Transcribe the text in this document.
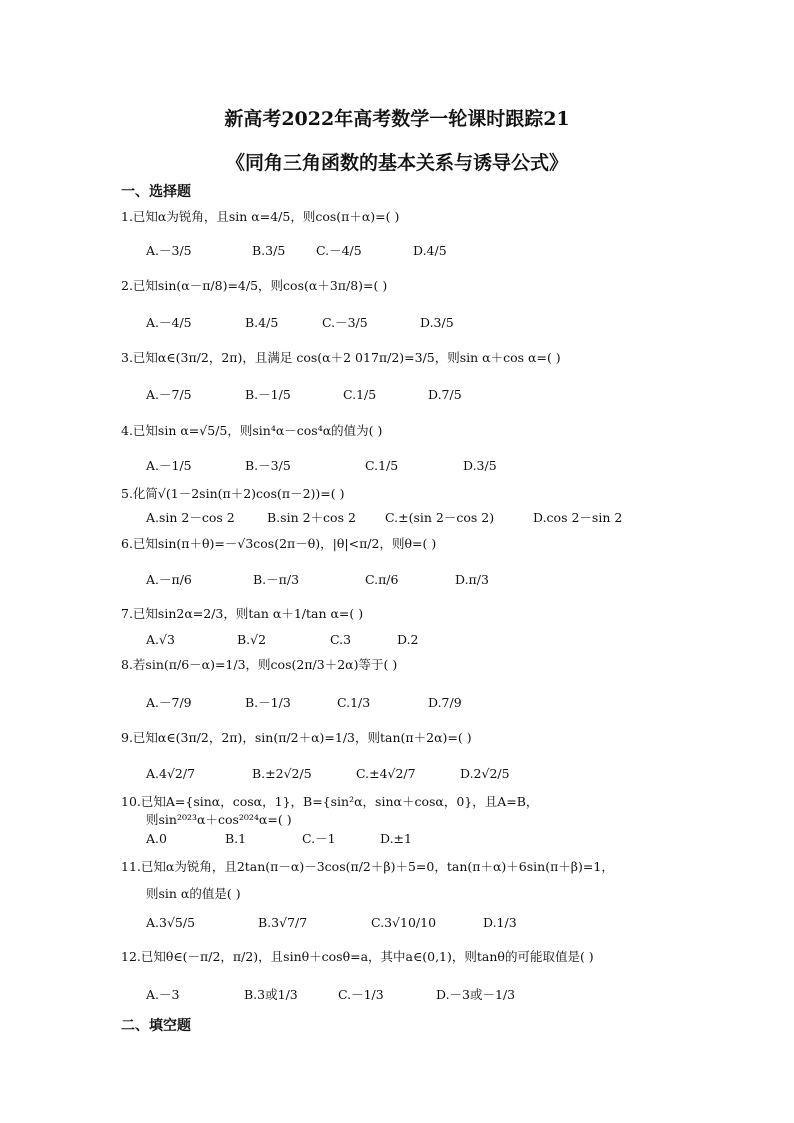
新高考2022年高考数学一轮课时跟踪21
《同角三角函数的基本关系与诱导公式》
一、选择题
1.已知α为锐角，且sin α=4/5，则cos(π＋α)=( )
A.－3/5	B.3/5 C.－4/5	D.4/5
2.已知sin(α－π/8)=4/5，则cos(α＋3π/8)=( )
A.－4/5	B.4/5	C.－3/5	D.3/5
3.已知α∈(3π/2，2π)，且满足 cos(α＋2 017π/2)=3/5，则sin α＋cos α=( )
A.－7/5	B.－1/5	C.1/5	D.7/5
4.已知sin α=√5/5，则sin⁴α－cos⁴α的值为( )
A.－1/5	B.－3/5	C.1/5	D.3/5
5.化简√(1－2sin(π＋2)cos(π－2))=( )
A.sin 2－cos 2	B.sin 2＋cos 2 C.±(sin 2－cos 2)	D.cos 2－sin 2
6.已知sin(π＋θ)=－√3cos(2π－θ)，|θ|<π/2，则θ=( )
A.－π/6	B.－π/3	C.π/6	D.π/3
7.已知sin2α=2/3，则tan α＋1/tan α=( )
A.√3	B.√2	C.3	D.2
8.若sin(π/6－α)=1/3，则cos(2π/3＋2α)等于( )
A.－7/9	B.－1/3	C.1/3	D.7/9
9.已知α∈(3π/2，2π)，sin(π/2＋α)=1/3，则tan(π＋2α)=( )
A.4√2/7	B.±2√2/5	C.±4√2/7	D.2√2/5
10.已知A={sinα，cosα，1}，B={sin²α，sinα＋cosα，0}，且A=B，
则sin²⁰²³α＋cos²⁰²⁴α=( )
A.0	B.1	C.－1	D.±1
11.已知α为锐角，且2tan(π－α)－3cos(π/2＋β)＋5=0，tan(π＋α)＋6sin(π＋β)=1，
则sin α的值是( )
A.3√5/5	B.3√7/7	C.3√10/10	D.1/3
12.已知θ∈(－π/2，π/2)，且sinθ＋cosθ=a，其中a∈(0,1)，则tanθ的可能取值是( )
A.－3	B.3或1/3	C.－1/3	D.－3或－1/3
二、填空题
